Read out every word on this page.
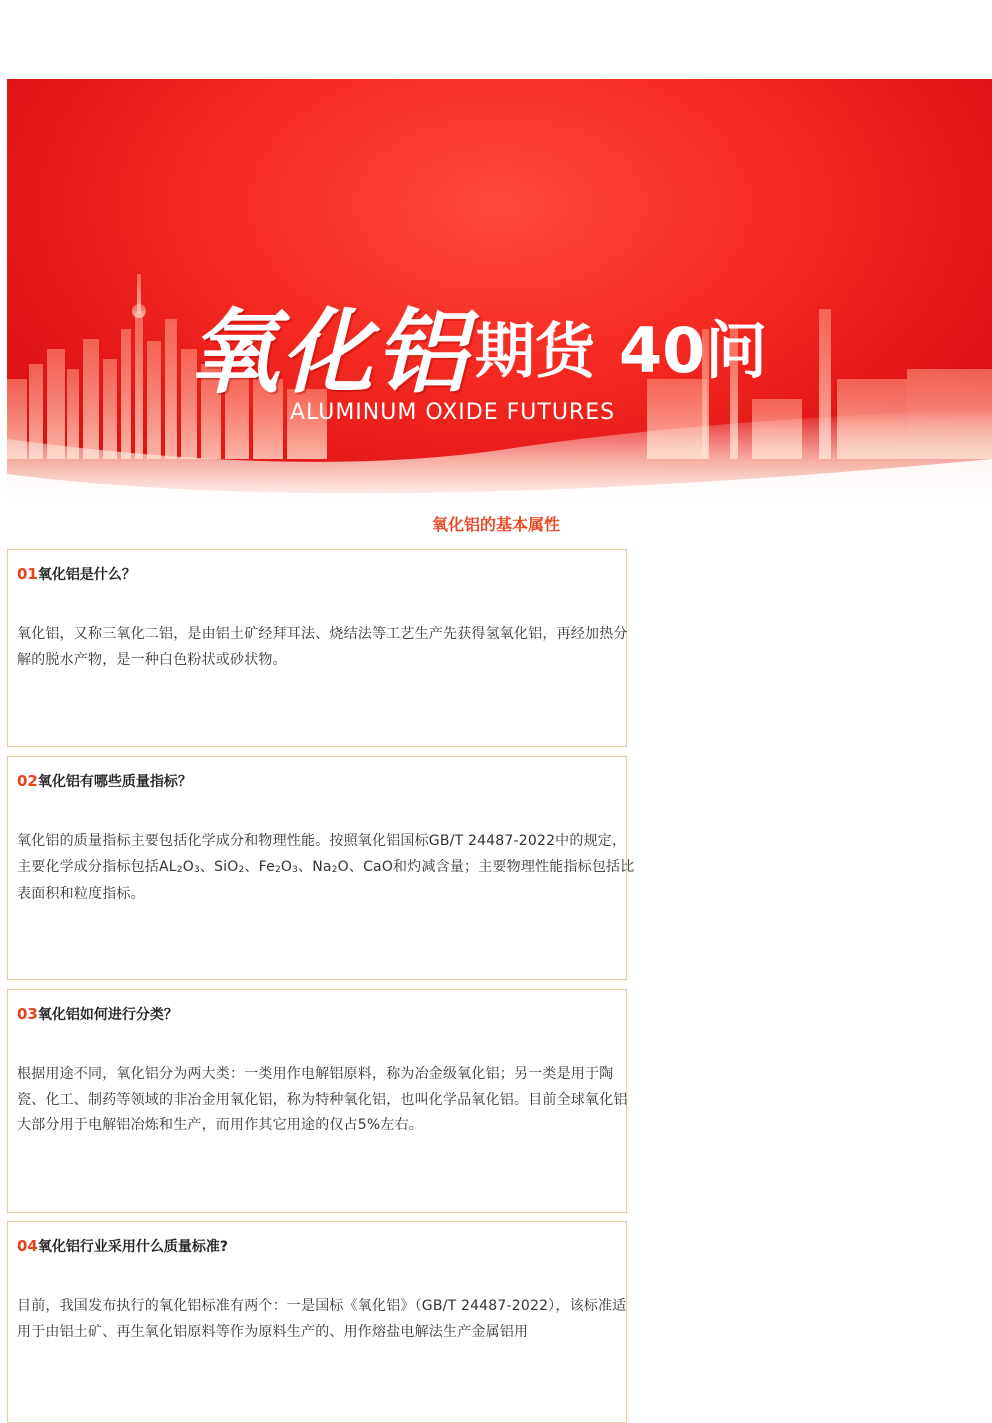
氧化铝 期货 40问
ALUMINUM OXIDE FUTURES
氧化铝的基本属性
01氧化铝是什么？
氧化铝，又称三氧化二铝，是由铝土矿经拜耳法、烧结法等工艺生产先获得氢氧化铝，再经加热分解的脱水产物，是一种白色粉状或砂状物。
02氧化铝有哪些质量指标？
氧化铝的质量指标主要包括化学成分和物理性能。按照氧化铝国标GB/T 24487-2022中的规定，主要化学成分指标包括$AL_2O_3$、SiO$_2$、$Fe_2O_3$、$Na_2O$、CaO和灼减含量；主要物理性能指标包括比表面积和粒度指标。
03氧化铝如何进行分类？
根据用途不同，氧化铝分为两大类：一类用作电解铝原料，称为冶金级氧化铝；另一类是用于陶瓷、化工、制药等领域的非冶金用氧化铝，称为特种氧化铝，也叫化学品氧化铝。目前全球氧化铝大部分用于电解铝冶炼和生产，而用作其它用途的仅占5%左右。
04氧化铝行业采用什么质量标准?
目前，我国发布执行的氧化铝标准有两个：一是国标《氧化铝》（GB/T 24487-2022），该标准适用于由铝土矿、再生氧化铝原料等作为原料生产的、用作熔盐电解法生产金属铝用
